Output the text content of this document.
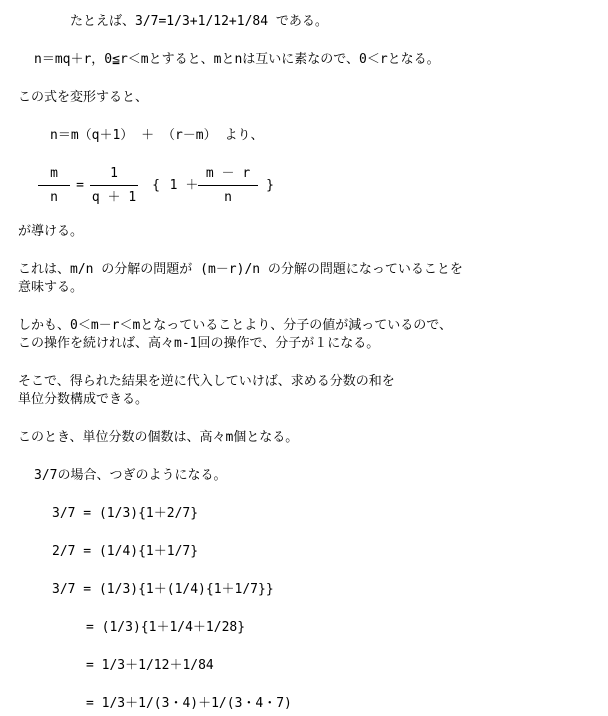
たとえば、3/7=1/3+1/12+1/84 である。
n＝mq＋r，0≦r＜mとすると、mとnは互いに素なので、0＜rとなる。
この式を変形すると、
n＝m（q＋1） ＋ （r－m） より、
m
n
=
1
q ＋ 1
{ 1 ＋
m － r
n
}
が導ける。
これは、m/n の分解の問題が (m－r)/n の分解の問題になっていることを
意味する。
しかも、0＜m－r＜mとなっていることより、分子の値が減っているので、
この操作を続ければ、高々m-1回の操作で、分子が１になる。
そこで、得られた結果を逆に代入していけば、求める分数の和を
単位分数構成できる。
このとき、単位分数の個数は、高々m個となる。
3/7の場合、つぎのようになる。
3/7 = (1/3){1＋2/7}
2/7 = (1/4){1＋1/7}
3/7 = (1/3){1＋(1/4){1＋1/7}}
= (1/3){1＋1/4＋1/28}
= 1/3＋1/12＋1/84
= 1/3＋1/(3・4)＋1/(3・4・7)
